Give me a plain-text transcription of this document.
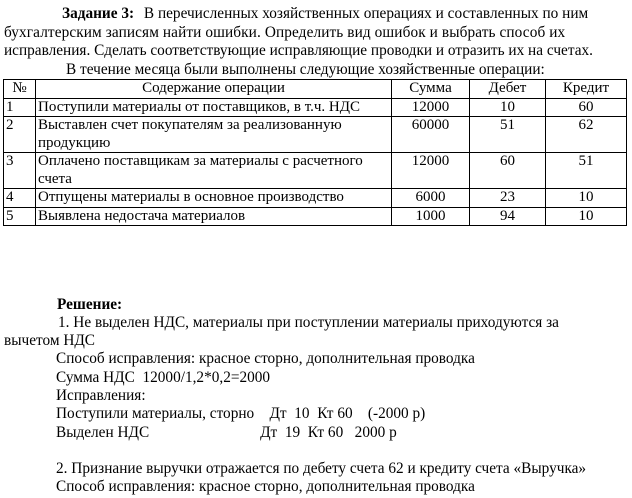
Задание 3: В перечисленных хозяйственных операциях и составленных по ним
бухгалтерским записям найти ошибки. Определить вид ошибок и выбрать способ их
исправления. Сделать соответствующие исправляющие проводки и отразить их на счетах.
В течение месяца были выполнены следующие хозяйственные операции:
№	Содержание операции	Сумма	Дебет	Кредит
1	Поступили материалы от поставщиков, в т.ч. НДС	12000	10	60
2	Выставлен счет покупателям за реализованную продукцию	60000	51	62
3	Оплачено поставщикам за материалы с расчетного счета	12000	60	51
4	Отпущены материалы в основное производство	6000	23	10
5	Выявлена недостача материалов	1000	94	10
Решение:
1. Не выделен НДС, материалы при поступлении материалы приходуются за
вычетом НДС
Способ исправления: красное сторно, дополнительная проводка
Сумма НДС  12000/1,2*0,2=2000
Исправления:
Поступили материалы, сторно    Дт  10  Кт 60    (-2000 р)
Выделен НДС                             Дт  19  Кт 60   2000 р
2. Признание выручки отражается по дебету счета 62 и кредиту счета «Выручка»
Способ исправления: красное сторно, дополнительная проводка
